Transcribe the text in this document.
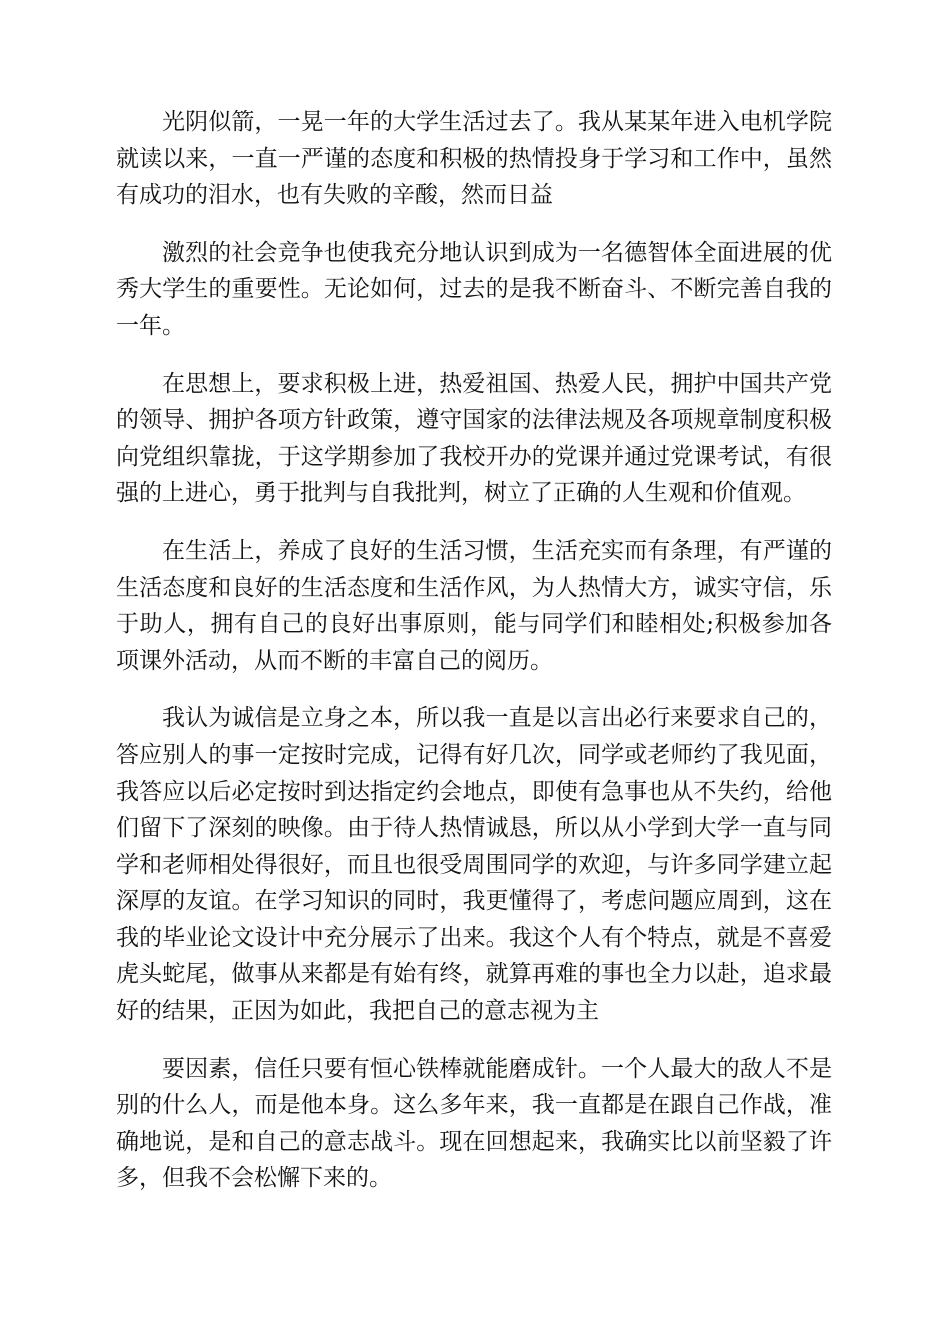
光阴似箭，一晃一年的大学生活过去了。我从某某年进入电机学院就读以来，一直一严谨的态度和积极的热情投身于学习和工作中，虽然有成功的泪水，也有失败的辛酸，然而日益

激烈的社会竞争也使我充分地认识到成为一名德智体全面进展的优秀大学生的重要性。无论如何，过去的是我不断奋斗、不断完善自我的一年。

在思想上，要求积极上进，热爱祖国、热爱人民，拥护中国共产党的领导、拥护各项方针政策，遵守国家的法律法规及各项规章制度积极向党组织靠拢，于这学期参加了我校开办的党课并通过党课考试，有很强的上进心，勇于批判与自我批判，树立了正确的人生观和价值观。

在生活上，养成了良好的生活习惯，生活充实而有条理，有严谨的生活态度和良好的生活态度和生活作风，为人热情大方，诚实守信，乐于助人，拥有自己的良好出事原则，能与同学们和睦相处;积极参加各项课外活动，从而不断的丰富自己的阅历。

我认为诚信是立身之本，所以我一直是以言出必行来要求自己的，答应别人的事一定按时完成，记得有好几次，同学或老师约了我见面，我答应以后必定按时到达指定约会地点，即使有急事也从不失约，给他们留下了深刻的映像。由于待人热情诚恳，所以从小学到大学一直与同学和老师相处得很好，而且也很受周围同学的欢迎，与许多同学建立起深厚的友谊。在学习知识的同时，我更懂得了，考虑问题应周到，这在我的毕业论文设计中充分展示了出来。我这个人有个特点，就是不喜爱虎头蛇尾，做事从来都是有始有终，就算再难的事也全力以赴，追求最好的结果，正因为如此，我把自己的意志视为主

要因素，信任只要有恒心铁棒就能磨成针。一个人最大的敌人不是别的什么人，而是他本身。这么多年来，我一直都是在跟自己作战，准确地说，是和自己的意志战斗。现在回想起来，我确实比以前坚毅了许多，但我不会松懈下来的。
